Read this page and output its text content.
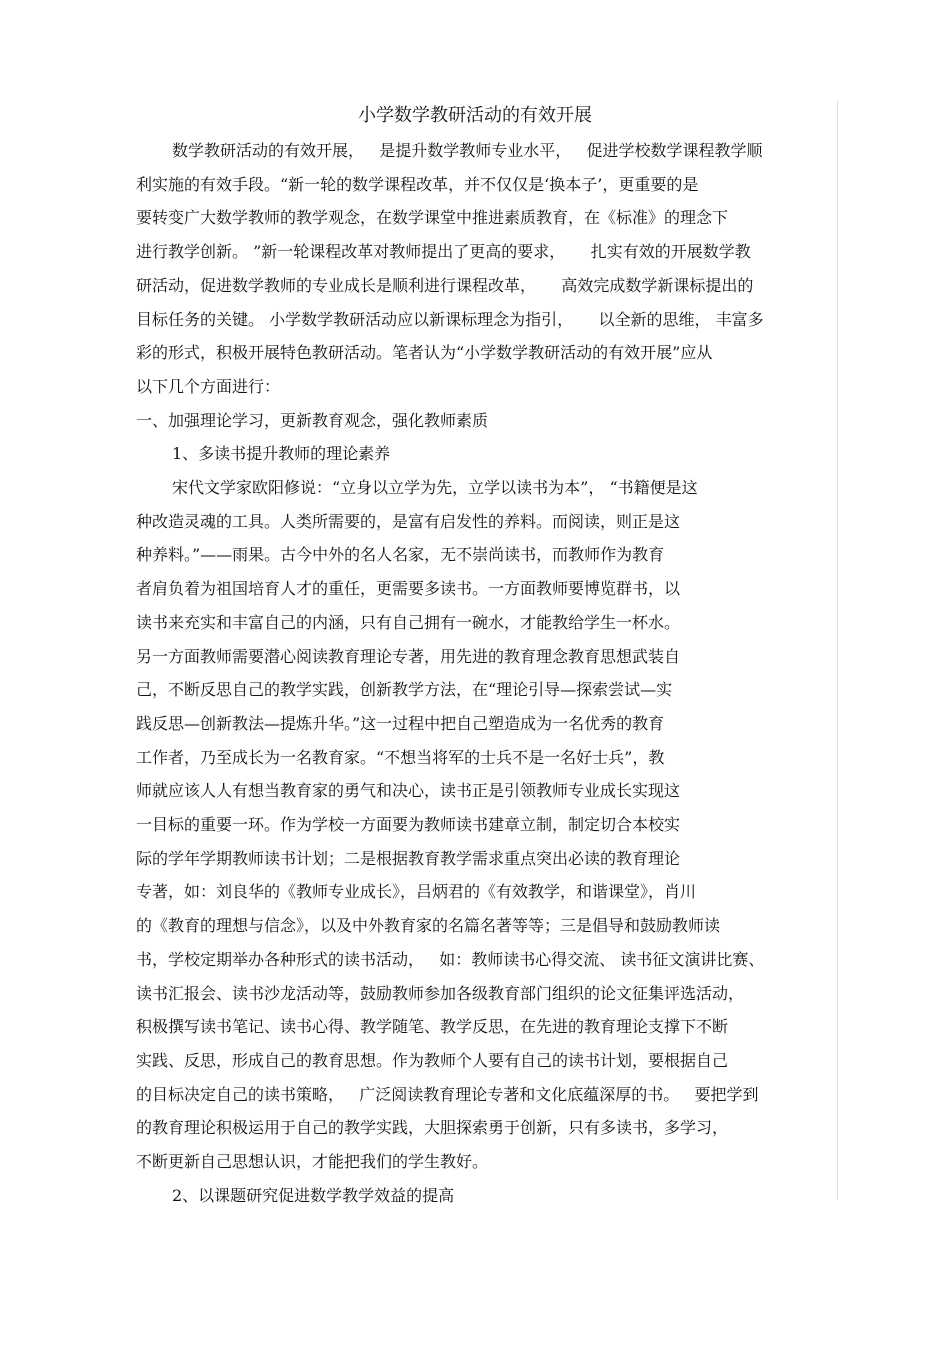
小学数学教研活动的有效开展
数学教研活动的有效开展，   是提升数学教师专业水平，   促进学校数学课程教学顺
利实施的有效手段。“新一轮的数学课程改革，并不仅仅是‘换本子’，更重要的是
要转变广大数学教师的教学观念，在数学课堂中推进素质教育，在《标准》的理念下
进行教学创新。 ”新一轮课程改革对教师提出了更高的要求，     扎实有效的开展数学教
研活动，促进数学教师的专业成长是顺利进行课程改革，     高效完成数学新课标提出的
目标任务的关键。 小学数学教研活动应以新课标理念为指引，     以全新的思维， 丰富多
彩的形式，积极开展特色教研活动。笔者认为“小学数学教研活动的有效开展”应从
以下几个方面进行：
一、加强理论学习，更新教育观念，强化教师素质
1、多读书提升教师的理论素养
宋代文学家欧阳修说：“立身以立学为先，立学以读书为本”， “书籍便是这
种改造灵魂的工具。人类所需要的，是富有启发性的养料。而阅读，则正是这
种养料。”——雨果。古今中外的名人名家，无不崇尚读书，而教师作为教育
者肩负着为祖国培育人才的重任，更需要多读书。一方面教师要博览群书，以
读书来充实和丰富自己的内涵，只有自己拥有一碗水，才能教给学生一杯水。
另一方面教师需要潜心阅读教育理论专著，用先进的教育理念教育思想武装自
己，不断反思自己的教学实践，创新教学方法，在“理论引导—探索尝试—实
践反思—创新教法—提炼升华。”这一过程中把自己塑造成为一名优秀的教育
工作者，乃至成长为一名教育家。“不想当将军的士兵不是一名好士兵”，教
师就应该人人有想当教育家的勇气和决心，读书正是引领教师专业成长实现这
一目标的重要一环。作为学校一方面要为教师读书建章立制，制定切合本校实
际的学年学期教师读书计划；二是根据教育教学需求重点突出必读的教育理论
专著，如：刘良华的《教师专业成长》，吕炳君的《有效教学，和谐课堂》，肖川
的《教育的理想与信念》，以及中外教育家的名篇名著等等；三是倡导和鼓励教师读
书，学校定期举办各种形式的读书活动，   如：教师读书心得交流、 读书征文演讲比赛、
读书汇报会、读书沙龙活动等，鼓励教师参加各级教育部门组织的论文征集评选活动，
积极撰写读书笔记、读书心得、教学随笔、教学反思，在先进的教育理论支撑下不断
实践、反思，形成自己的教育思想。作为教师个人要有自己的读书计划，要根据自己
的目标决定自己的读书策略，   广泛阅读教育理论专著和文化底蕴深厚的书。   要把学到
的教育理论积极运用于自己的教学实践，大胆探索勇于创新，只有多读书，多学习，
不断更新自己思想认识，才能把我们的学生教好。
2、以课题研究促进数学教学效益的提高
